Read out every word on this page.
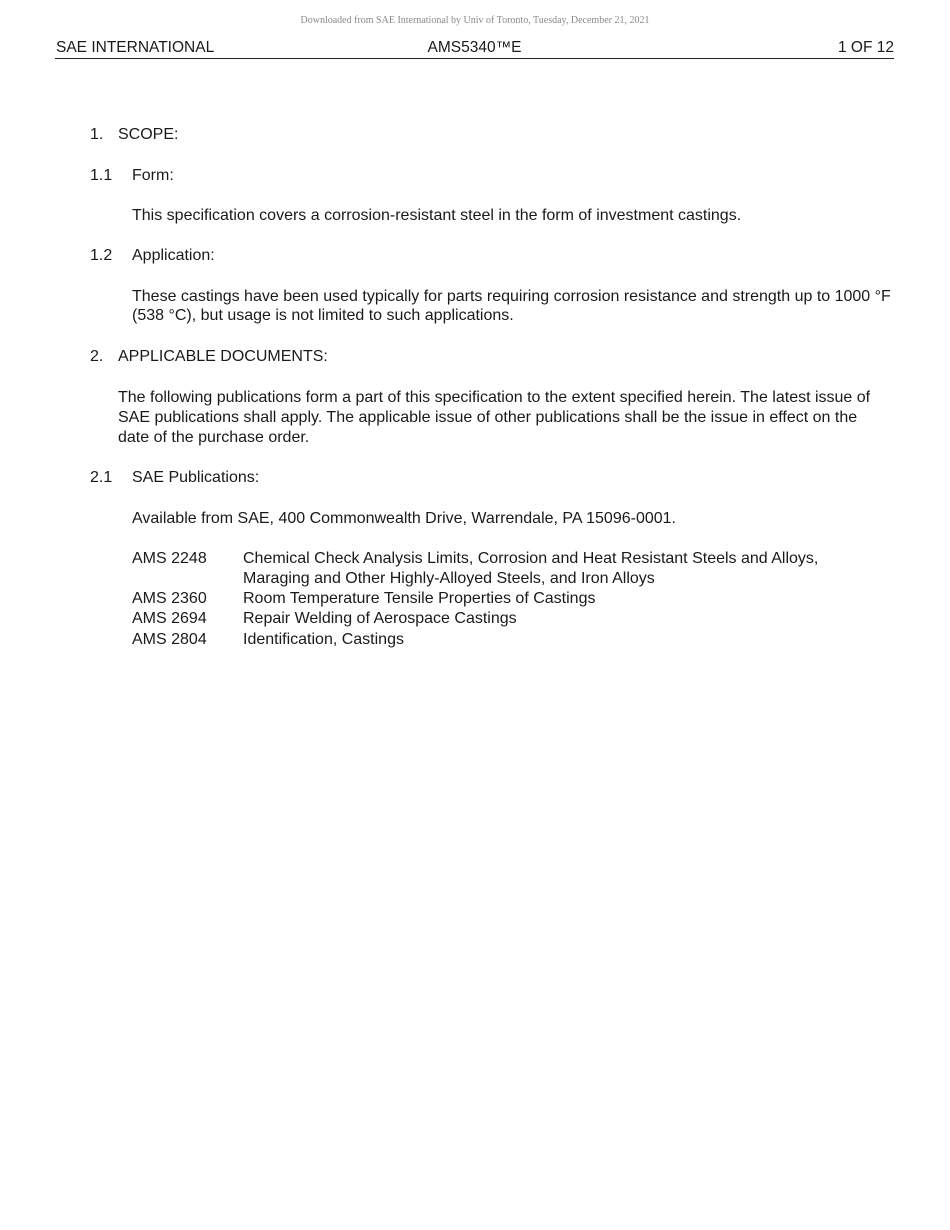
Downloaded from SAE International by Univ of Toronto, Tuesday, December 21, 2021
SAE INTERNATIONAL	AMS5340™E	1 OF 12
1. SCOPE:
1.1 Form:
This specification covers a corrosion-resistant steel in the form of investment castings.
1.2 Application:
These castings have been used typically for parts requiring corrosion resistance and strength up to 1000 °F (538 °C), but usage is not limited to such applications.
2. APPLICABLE DOCUMENTS:
The following publications form a part of this specification to the extent specified herein. The latest issue of SAE publications shall apply. The applicable issue of other publications shall be the issue in effect on the date of the purchase order.
2.1 SAE Publications:
Available from SAE, 400 Commonwealth Drive, Warrendale, PA 15096-0001.
AMS 2248 Chemical Check Analysis Limits, Corrosion and Heat Resistant Steels and Alloys, Maraging and Other Highly-Alloyed Steels, and Iron Alloys
AMS 2360 Room Temperature Tensile Properties of Castings
AMS 2694 Repair Welding of Aerospace Castings
AMS 2804 Identification, Castings
